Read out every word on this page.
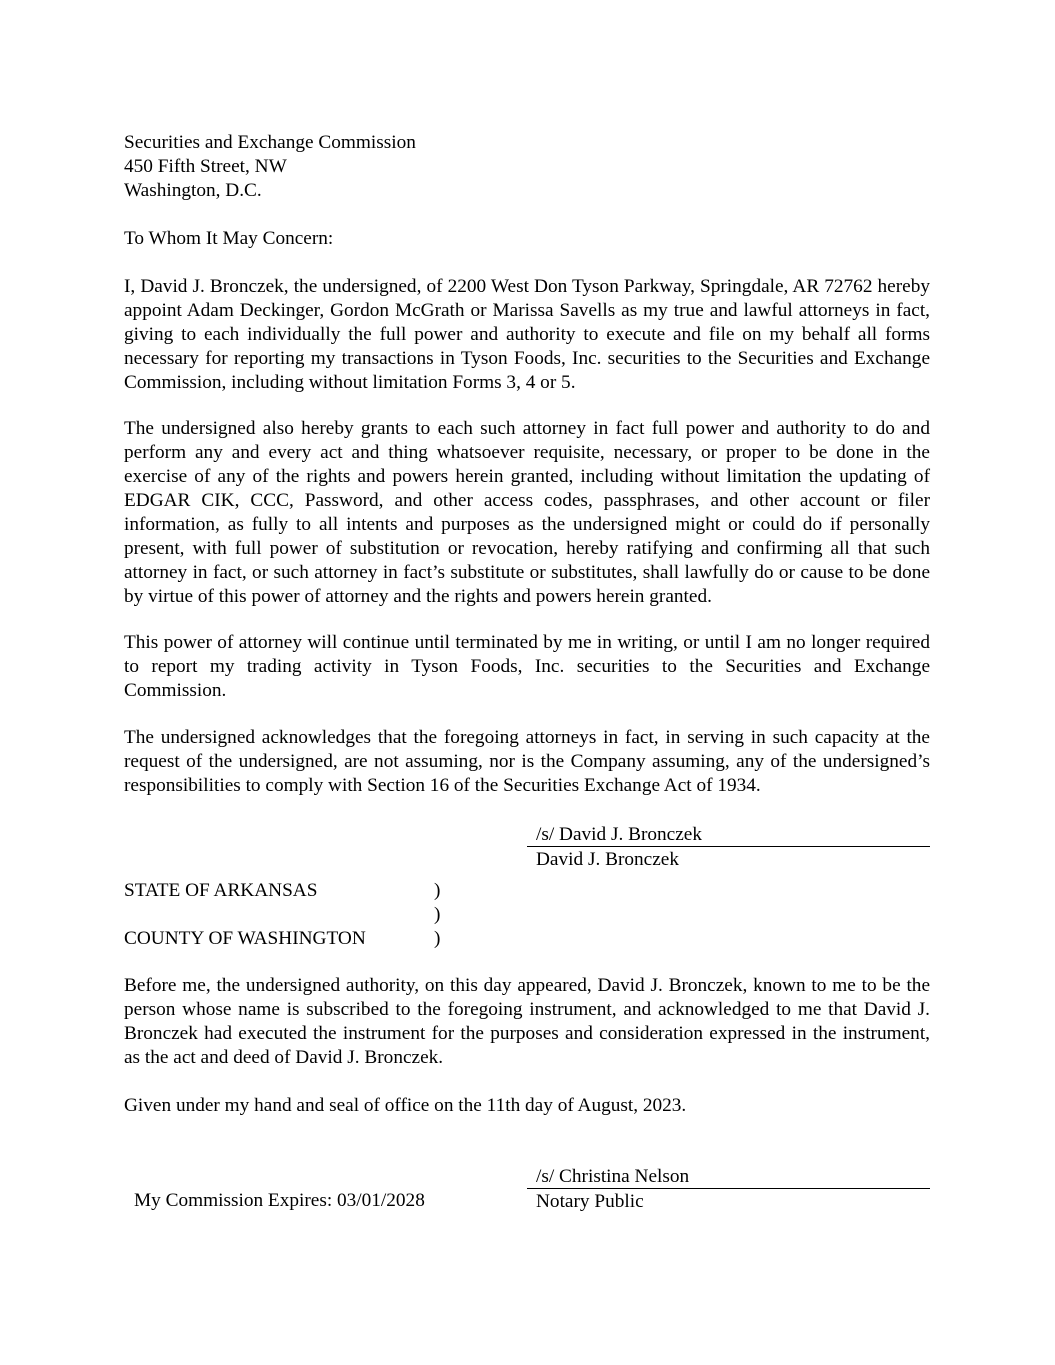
Securities and Exchange Commission
450 Fifth Street, NW
Washington, D.C.
To Whom It May Concern:
I, David J. Bronczek, the undersigned, of 2200 West Don Tyson Parkway, Springdale, AR 72762 hereby appoint Adam Deckinger, Gordon McGrath or Marissa Savells as my true and lawful attorneys in fact, giving to each individually the full power and authority to execute and file on my behalf all forms necessary for reporting my transactions in Tyson Foods, Inc. securities to the Securities and Exchange Commission, including without limitation Forms 3, 4 or 5.
The undersigned also hereby grants to each such attorney in fact full power and authority to do and perform any and every act and thing whatsoever requisite, necessary, or proper to be done in the exercise of any of the rights and powers herein granted, including without limitation the updating of EDGAR CIK, CCC, Password, and other access codes, passphrases, and other account or filer information, as fully to all intents and purposes as the undersigned might or could do if personally present, with full power of substitution or revocation, hereby ratifying and confirming all that such attorney in fact, or such attorney in fact’s substitute or substitutes, shall lawfully do or cause to be done by virtue of this power of attorney and the rights and powers herein granted.
This power of attorney will continue until terminated by me in writing, or until I am no longer required to report my trading activity in Tyson Foods, Inc. securities to the Securities and Exchange Commission.
The undersigned acknowledges that the foregoing attorneys in fact, in serving in such capacity at the request of the undersigned, are not assuming, nor is the Company assuming, any of the undersigned’s responsibilities to comply with Section 16 of the Securities Exchange Act of 1934.
/s/ David J. Bronczek
David J. Bronczek
STATE OF ARKANSAS	)
)
COUNTY OF WASHINGTON	)
Before me, the undersigned authority, on this day appeared, David J. Bronczek, known to me to be the person whose name is subscribed to the foregoing instrument, and acknowledged to me that David J. Bronczek had executed the instrument for the purposes and consideration expressed in the instrument, as the act and deed of David J. Bronczek.
Given under my hand and seal of office on the 11th day of August, 2023.
/s/ Christina Nelson
Notary Public
My Commission Expires: 03/01/2028
